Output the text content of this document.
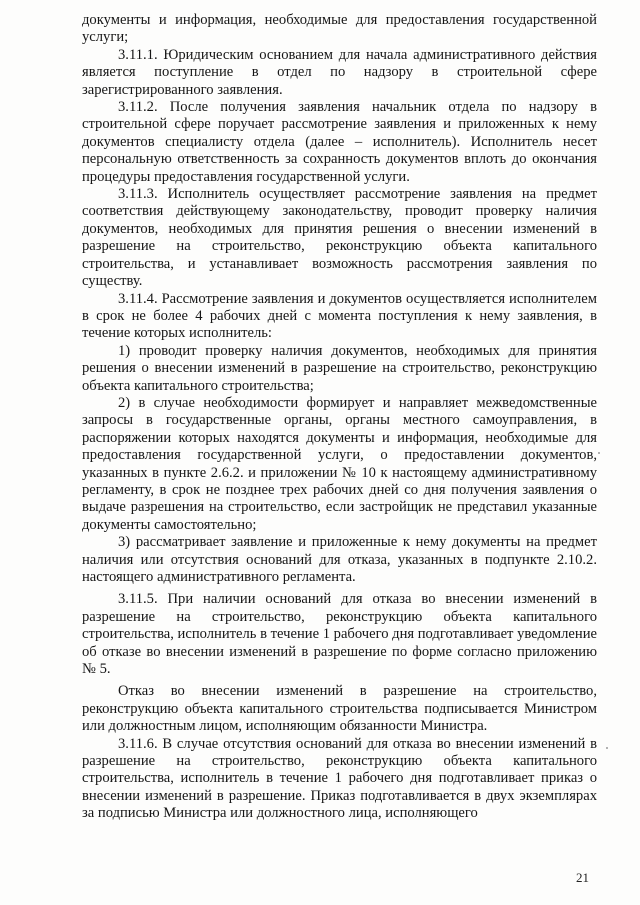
документы и информация, необходимые для предоставления государственной услуги;

3.11.1. Юридическим основанием для начала административного действия является поступление в отдел по надзору в строительной сфере зарегистрированного заявления.

3.11.2. После получения заявления начальник отдела по надзору в строительной сфере поручает рассмотрение заявления и приложенных к нему документов специалисту отдела (далее – исполнитель). Исполнитель несет персональную ответственность за сохранность документов вплоть до окончания процедуры предоставления государственной услуги.

3.11.3. Исполнитель осуществляет рассмотрение заявления на предмет соответствия действующему законодательству, проводит проверку наличия документов, необходимых для принятия решения о внесении изменений в разрешение на строительство, реконструкцию объекта капитального строительства, и устанавливает возможность рассмотрения заявления по существу.

3.11.4. Рассмотрение заявления и документов осуществляется исполнителем в срок не более 4 рабочих дней с момента поступления к нему заявления, в течение которых исполнитель:

1) проводит проверку наличия документов, необходимых для принятия решения о внесении изменений в разрешение на строительство, реконструкцию объекта капитального строительства;

2) в случае необходимости формирует и направляет межведомственные запросы в государственные органы, органы местного самоуправления, в распоряжении которых находятся документы и информация, необходимые для предоставления государственной услуги, о предоставлении документов, указанных в пункте 2.6.2. и приложении № 10 к настоящему административному регламенту, в срок не позднее трех рабочих дней со дня получения заявления о выдаче разрешения на строительство, если застройщик не представил указанные документы самостоятельно;

3) рассматривает заявление и приложенные к нему документы на предмет наличия или отсутствия оснований для отказа, указанных в подпункте 2.10.2. настоящего административного регламента.

3.11.5. При наличии оснований для отказа во внесении изменений в разрешение на строительство, реконструкцию объекта капитального строительства, исполнитель в течение 1 рабочего дня подготавливает уведомление об отказе во внесении изменений в разрешение по форме согласно приложению № 5.

Отказ во внесении изменений в разрешение на строительство, реконструкцию объекта капитального строительства подписывается Министром или должностным лицом, исполняющим обязанности Министра.

3.11.6. В случае отсутствия оснований для отказа во внесении изменений в разрешение на строительство, реконструкцию объекта капитального строительства, исполнитель в течение 1 рабочего дня подготавливает приказ о внесении изменений в разрешение. Приказ подготавливается в двух экземплярах за подписью Министра или должностного лица, исполняющего

21
